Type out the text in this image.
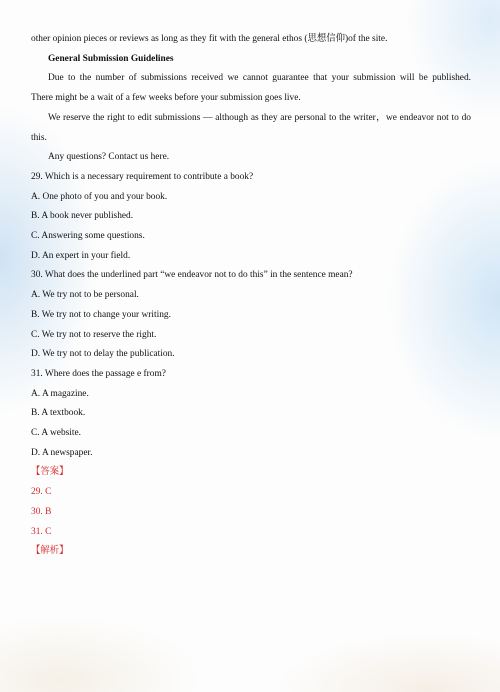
other opinion pieces or reviews as long as they fit with the general ethos (思想信仰)of the site.
General Submission Guidelines
Due to the number of submissions received we cannot guarantee that your submission will be published.
There might be a wait of a few weeks before your submission goes live.
We reserve the right to edit submissions — although as they are personal to the writer，we endeavor not to do
this.
Any questions? Contact us here.
29. Which is a necessary requirement to contribute a book?
A. One photo of you and your book.
B. A book never published.
C. Answering some questions.
D. An expert in your field.
30. What does the underlined part “we endeavor not to do this” in the sentence mean?
A. We try not to be personal.
B. We try not to change your writing.
C. We try not to reserve the right.
D. We try not to delay the publication.
31. Where does the passage e from?
A. A magazine.
B. A textbook.
C. A website.
D. A newspaper.
【答案】
29. C
30. B
31. C
【解析】
